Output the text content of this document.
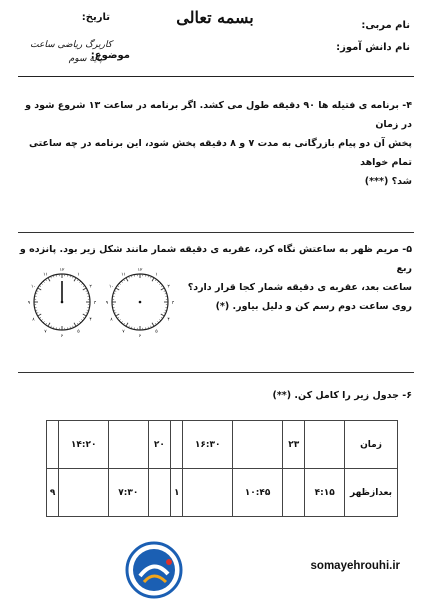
بسمه تعالی	نام مربی:
نام دانش آموز:
تاریخ:
موضوع:
کاربرگ ریاضی ساعت
پایه سوم
۴- برنامه ی فتیله ها ۹۰ دقیقه طول می کشد. اگر برنامه در ساعت ۱۳ شروع شود و در زمان
پخش آن دو پیام بازرگانی به مدت ۷ و ۸ دقیقه پخش شود، این برنامه در چه ساعتی تمام خواهد
شد؟ (***)
۵- مریم ظهر به ساعتش نگاه کرد، عقربه ی دقیقه شمار مانند شکل زیر بود. پانزده و ربع
ساعت بعد، عقربه ی دقیقه شمار کجا قرار دارد؟
روی ساعت دوم رسم کن و دلیل بیاور. (*)
۱۲
۱
۲
۳
۴
۵
۶
۷
۸
۹
۱۰
۱۱
۱۲
۱
۲
۳
۴
۵
۶
۷
۸
۹
۱۰
۱۱
۶- جدول زیر را کامل کن. (**)
زمان		۲۳		۱۶:۳۰		۲۰		۱۴:۲۰	
بعدازظهر	۴:۱۵		۱۰:۴۵		۱		۷:۳۰		۹
somayehrouhi.ir
